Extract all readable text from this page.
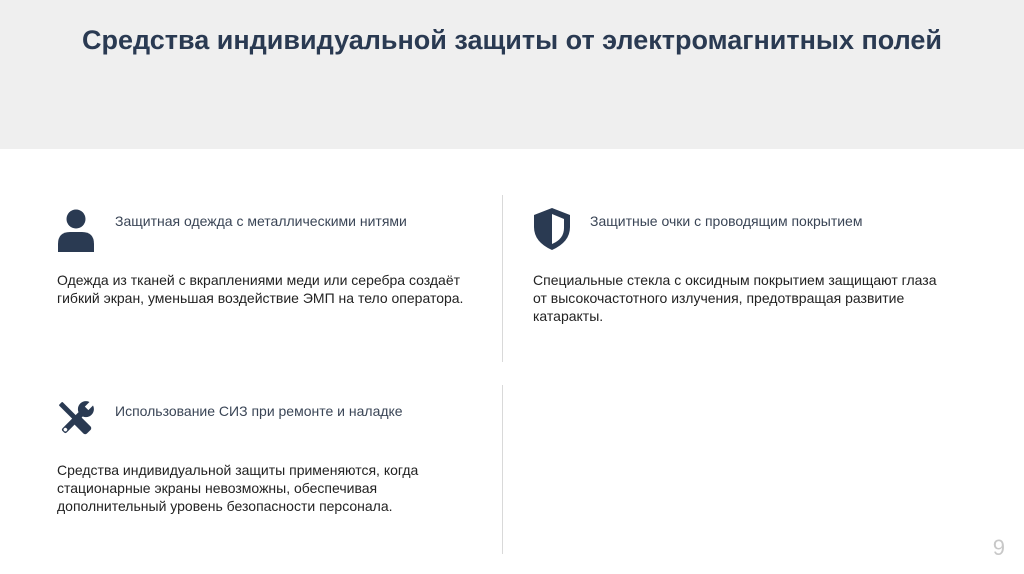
Средства индивидуальной защиты от электромагнитных полей
Защитная одежда с металлическими нитями
Одежда из тканей с вкраплениями меди или серебра создаёт гибкий экран, уменьшая воздействие ЭМП на тело оператора.
Защитные очки с проводящим покрытием
Специальные стекла с оксидным покрытием защищают глаза от высокочастотного излучения, предотвращая развитие катаракты.
Использование СИЗ при ремонте и наладке
Средства индивидуальной защиты применяются, когда стационарные экраны невозможны, обеспечивая дополнительный уровень безопасности персонала.
9
